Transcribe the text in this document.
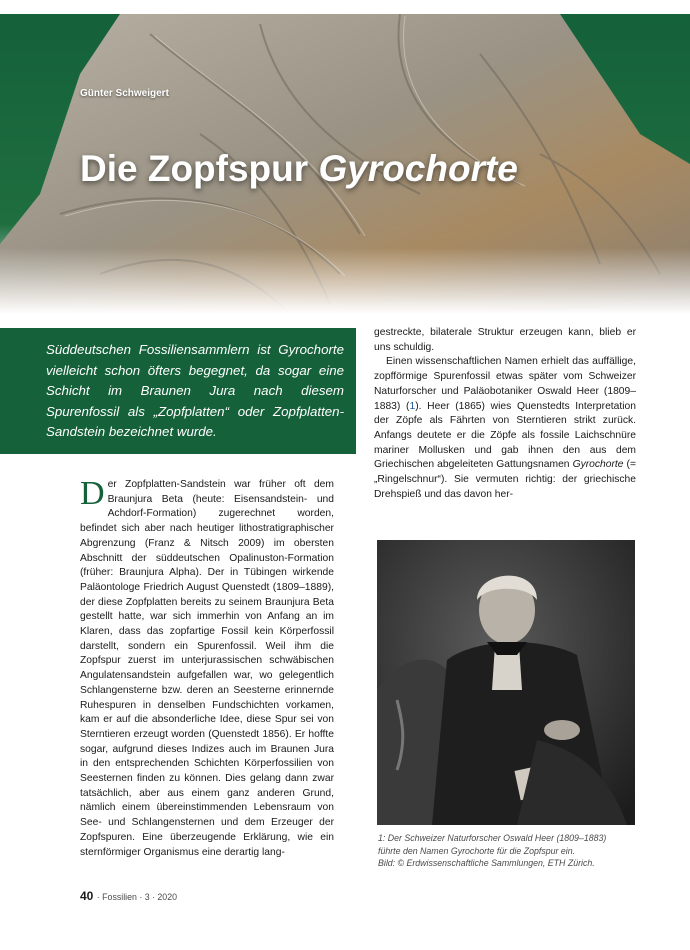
Günter Schweigert
Die Zopfspur Gyrochorte

Süddeutschen Fossiliensammlern ist Gyrochorte vielleicht schon öfters begegnet, da sogar eine Schicht im Braunen Jura nach diesem Spurenfossil als „Zopfplatten“ oder Zopfplatten-Sandstein bezeichnet wurde.

Der Zopfplatten-Sandstein war früher oft dem Braunjura Beta (heute: Eisensandstein- und Achdorf-Formation) zugerechnet worden, befindet sich aber nach heutiger lithostratigraphischer Abgrenzung (Franz & Nitsch 2009) im obersten Abschnitt der süddeutschen Opalinuston-Formation (früher: Braunjura Alpha). Der in Tübingen wirkende Paläontologe Friedrich August Quenstedt (1809–1889), der diese Zopfplatten bereits zu seinem Braunjura Beta gestellt hatte, war sich immerhin von Anfang an im Klaren, dass das zopfartige Fossil kein Körperfossil darstellt, sondern ein Spurenfossil. Weil ihm die Zopfspur zuerst im unterjurassischen schwäbischen Angulatensandstein aufgefallen war, wo gelegentlich Schlangensterne bzw. deren an Seesterne erinnernde Ruhespuren in denselben Fundschichten vorkamen, kam er auf die absonderliche Idee, diese Spur sei von Sterntieren erzeugt worden (Quenstedt 1856). Er hoffte sogar, aufgrund dieses Indizes auch im Braunen Jura in den entsprechenden Schichten Körperfossilien von Seesternen finden zu können. Dies gelang dann zwar tatsächlich, aber aus einem ganz anderen Grund, nämlich einem übereinstimmenden Lebensraum von See- und Schlangensternen und dem Erzeuger der Zopfspuren. Eine überzeugende Erklärung, wie ein sternförmiger Organismus eine derartig lang-

gestreckte, bilaterale Struktur erzeugen kann, blieb er uns schuldig.

Einen wissenschaftlichen Namen erhielt das auffällige, zopfförmige Spurenfossil etwas später vom Schweizer Naturforscher und Paläobotaniker Oswald Heer (1809–1883) (1). Heer (1865) wies Quenstedts Interpretation der Zöpfe als Fährten von Sterntieren strikt zurück. Anfangs deutete er die Zöpfe als fossile Laichschnüre mariner Mollusken und gab ihnen den aus dem Griechischen abgeleiteten Gattungsnamen Gyrochorte (= „Ringelschnur“). Sie vermuten richtig: der griechische Drehspieß und das davon her-

1: Der Schweizer Naturforscher Oswald Heer (1809–1883)
führte den Namen Gyrochorte für die Zopfspur ein.
Bild: © Erdwissenschaftliche Sammlungen, ETH Zürich.
40 · Fossilien · 3 · 2020
